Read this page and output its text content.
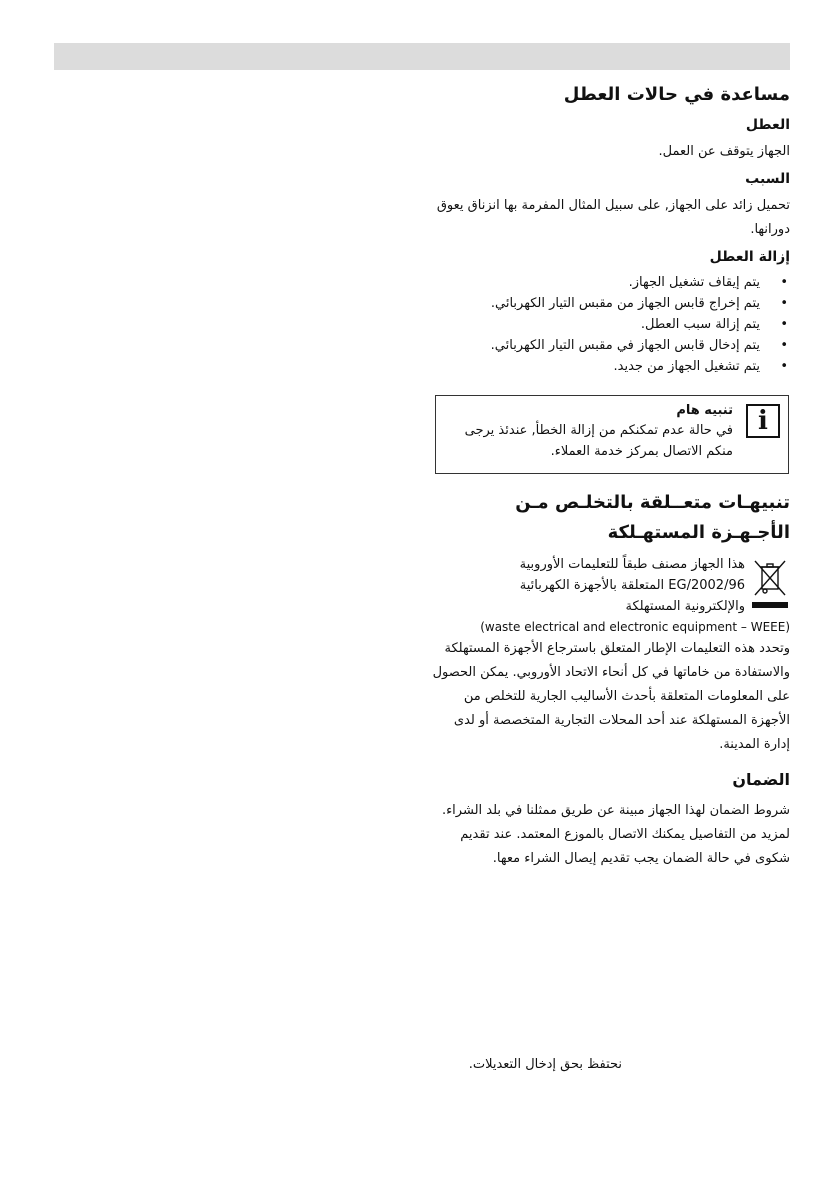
مساعدة في حالات العطل
العطل

الجهاز يتوقف عن العمل.

السبب

تحميل زائد على الجهاز, على سبيل المثال المفرمة بها انزناق يعوق دورانها.

إزالة العطل
•
يتم إيقاف تشغيل الجهاز.
•
يتم إخراج قابس الجهاز من مقبس التيار الكهربائي.
•
يتم إزالة سبب العطل.
•
يتم إدخال قابس الجهاز في مقبس التيار الكهربائي.
•
يتم تشغيل الجهاز من جديد.
i
تنبيه هام

في حالة عدم تمكنكم من إزالة الخطأ, عندئذ يرجى منكم الاتصال بمركز خدمة العملاء.

تنبيهـات متعــلقة بالتخلـص مـن
الأجـهـزة المستهـلكة

هذا الجهاز مصنف طبقاً للتعليمات الأوروبية

2002/96/EG المتعلقة بالأجهزة الكهربائية

والإلكترونية المستهلكة

(waste electrical and electronic equipment – WEEE)

وتحدد هذه التعليمات الإطار المتعلق باسترجاع الأجهزة المستهلكة والاستفادة من خاماتها في كل أنحاء الاتحاد الأوروبي. يمكن الحصول على المعلومات المتعلقة بأحدث الأساليب الجارية للتخلص من الأجهزة المستهلكة عند أحد المحلات التجارية المتخصصة أو لدى إدارة المدينة.

الضمان

شروط الضمان لهذا الجهاز مبينة عن طريق ممثلنا في بلد الشراء. لمزيد من التفاصيل يمكنك الاتصال بالموزع المعتمد. عند تقديم شكوى في حالة الضمان يجب تقديم إيصال الشراء معها.

نحتفظ بحق إدخال التعديلات.
